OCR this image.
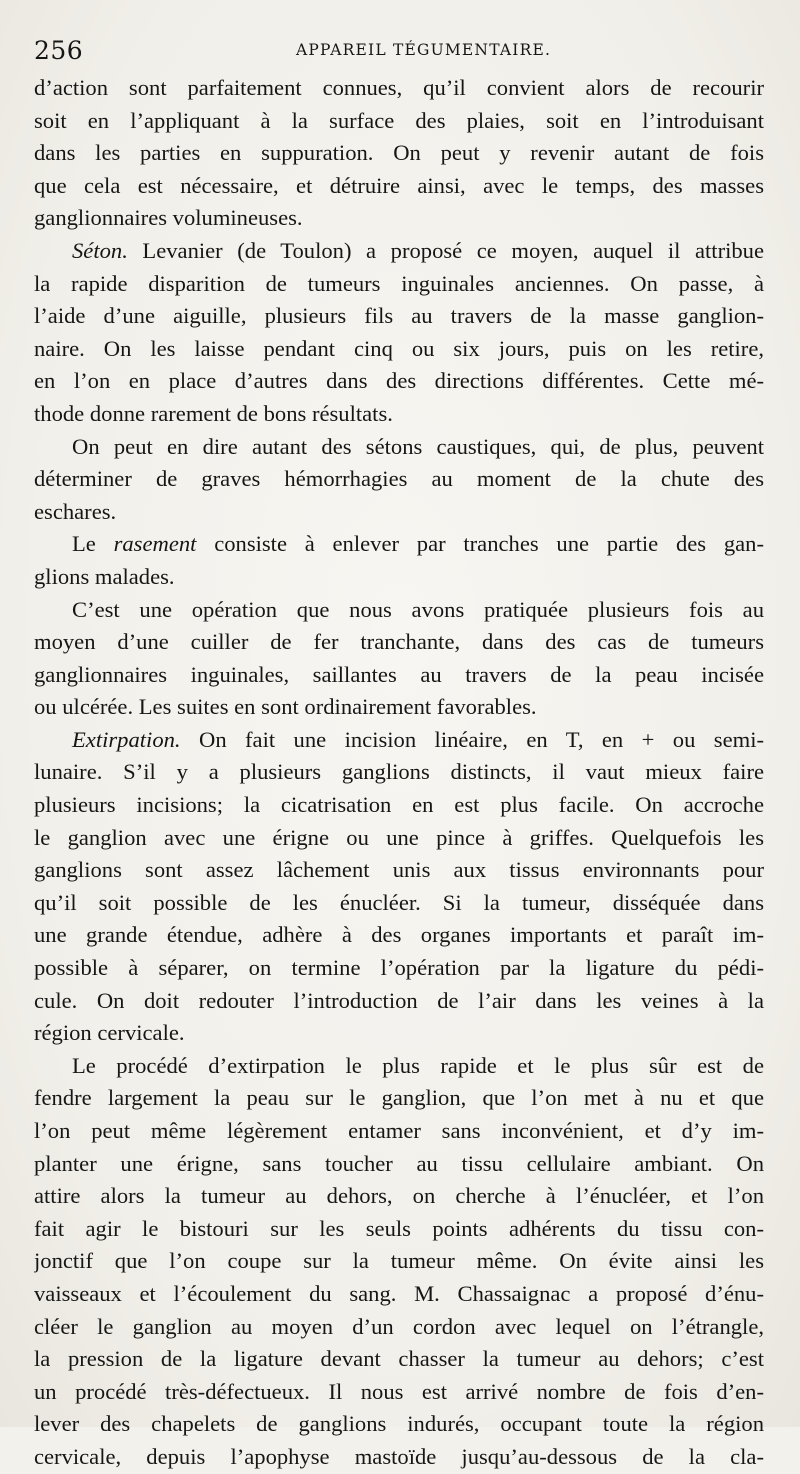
256	APPAREIL TÉGUMENTAIRE.
d’action sont parfaitement connues, qu’il convient alors de recourir
soit en l’appliquant à la surface des plaies, soit en l’introduisant
dans les parties en suppuration. On peut y revenir autant de fois
que cela est nécessaire, et détruire ainsi, avec le temps, des masses
ganglionnaires volumineuses.
Séton. Levanier (de Toulon) a proposé ce moyen, auquel il attribue
la rapide disparition de tumeurs inguinales anciennes. On passe, à
l’aide d’une aiguille, plusieurs fils au travers de la masse ganglion-
naire. On les laisse pendant cinq ou six jours, puis on les retire,
en l’on en place d’autres dans des directions différentes. Cette mé-
thode donne rarement de bons résultats.
On peut en dire autant des sétons caustiques, qui, de plus, peuvent
déterminer de graves hémorrhagies au moment de la chute des
eschares.
Le rasement consiste à enlever par tranches une partie des gan-
glions malades.
C’est une opération que nous avons pratiquée plusieurs fois au
moyen d’une cuiller de fer tranchante, dans des cas de tumeurs
ganglionnaires inguinales, saillantes au travers de la peau incisée
ou ulcérée. Les suites en sont ordinairement favorables.
Extirpation. On fait une incision linéaire, en T, en + ou semi-
lunaire. S’il y a plusieurs ganglions distincts, il vaut mieux faire
plusieurs incisions; la cicatrisation en est plus facile. On accroche
le ganglion avec une érigne ou une pince à griffes. Quelquefois les
ganglions sont assez lâchement unis aux tissus environnants pour
qu’il soit possible de les énucléer. Si la tumeur, disséquée dans
une grande étendue, adhère à des organes importants et paraît im-
possible à séparer, on termine l’opération par la ligature du pédi-
cule. On doit redouter l’introduction de l’air dans les veines à la
région cervicale.
Le procédé d’extirpation le plus rapide et le plus sûr est de
fendre largement la peau sur le ganglion, que l’on met à nu et que
l’on peut même légèrement entamer sans inconvénient, et d’y im-
planter une érigne, sans toucher au tissu cellulaire ambiant. On
attire alors la tumeur au dehors, on cherche à l’énucléer, et l’on
fait agir le bistouri sur les seuls points adhérents du tissu con-
jonctif que l’on coupe sur la tumeur même. On évite ainsi les
vaisseaux et l’écoulement du sang. M. Chassaignac a proposé d’énu-
cléer le ganglion au moyen d’un cordon avec lequel on l’étrangle,
la pression de la ligature devant chasser la tumeur au dehors; c’est
un procédé très-défectueux. Il nous est arrivé nombre de fois d’en-
lever des chapelets de ganglions indurés, occupant toute la région
cervicale, depuis l’apophyse mastoïde jusqu’au-dessous de la cla-
